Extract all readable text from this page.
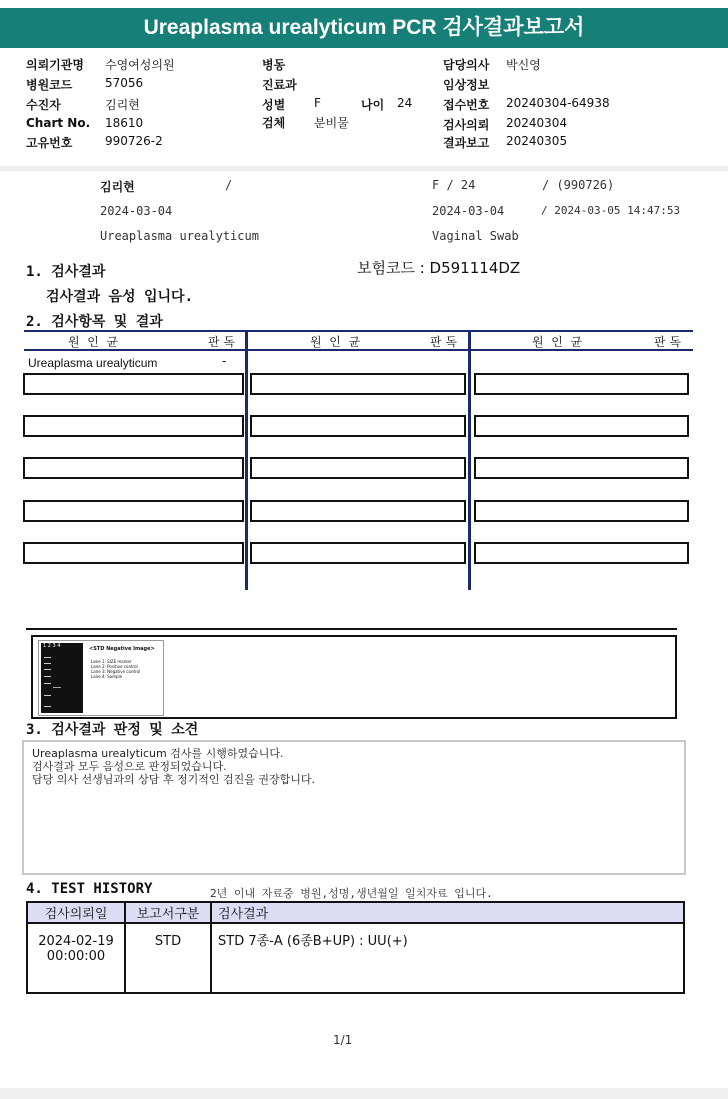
Ureaplasma urealyticum PCR 검사결과보고서
의뢰기관명 수영여성의원
병원코드	57056
수진자	김리현
Chart No. 18610
고유번호	990726-2
병동
진료과
성별 F	나이 24
검체 분비물
담당의사 박신영
임상정보
접수번호 20240304-64938
검사의뢰 20240304
결과보고 20240305
김리현	/	F / 24	/ (990726)
2024-03-04	2024-03-04	/ 2024-03-05 14:47:53
Ureaplasma urealyticum	Vaginal Swab
1. 검사결과	보험코드 : D591114DZ
검사결과 음성 입니다.
2. 검사항목 및 결과
원  인  균	판 독	원  인  균	판 독	원  인  균	판 독
Ureaplasma urealyticum	-
1 2 3 4	<STD Negative Image>
Lane 1: SIZE marker
Lane 2: Positive control
Lane 3: Negative control
Lane 4: Sample
3. 검사결과 판정 및 소견
Ureaplasma urealyticum 검사를 시행하였습니다.
검사결과 모두 음성으로 판정되었습니다.
담당 의사 선생님과의 상담 후 정기적인 검진을 권장합니다.
4. TEST HISTORY	2년 이내 자료중 병원,성명,생년월일 일치자료 입니다.
검사의뢰일	보고서구분	검사결과

2024-02-19
00:00:00	STD	STD 7종-A (6종B+UP) : UU(+)
1/1
